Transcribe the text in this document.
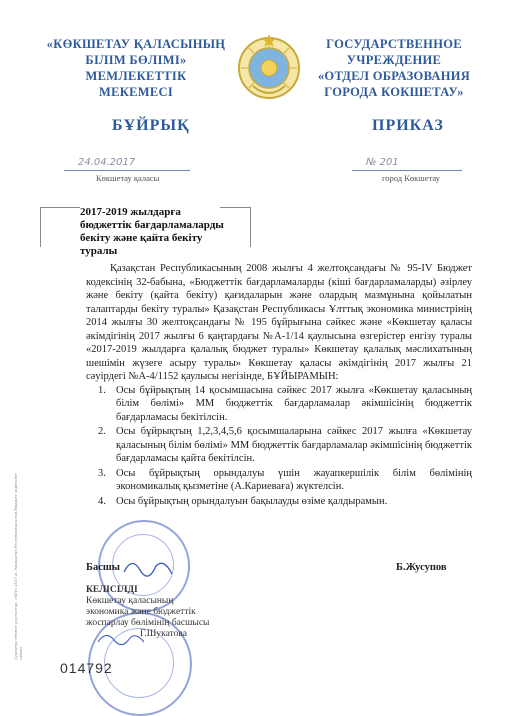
«КӨКШЕТАУ ҚАЛАСЫНЫҢ
БІЛІМ БӨЛІМІ»
МЕМЛЕКЕТТІК
МЕКЕМЕСІ
ГОСУДАРСТВЕННОЕ
УЧРЕЖДЕНИЕ
«ОТДЕЛ ОБРАЗОВАНИЯ
ГОРОДА КОКШЕТАУ»
БҰЙРЫҚ	ПРИКАЗ
24.04.2017	№ 201
Көкшетау қаласы	город Көкшетау
2017-2019 жылдарға
бюджеттік бағдарламаларды
бекіту және қайта бекіту
туралы

Қазақстан Республикасының 2008 жылғы 4 желтоқсандағы № 95-IV Бюджет кодексінің 32-бабына, «Бюджеттік бағдарламаларды (кіші бағдарламаларды) әзірлеу және бекіту (қайта бекіту) қағидаларын және олардың мазмұнына қойылатын талаптарды бекіту туралы» Қазақстан Республикасы Ұлттық экономика министрінің 2014 жылғы 30 желтоқсандағы № 195 бұйрығына сәйкес және «Көкшетау қаласы әкімдігінің 2017 жылғы 6 қаңтардағы №А-1/14 қаулысына өзгерістер енгізу туралы «2017-2019 жылдарға қалалық бюджет туралы» Көкшетау қалалық мәслихатының шешімін жүзеге асыру туралы» Көкшетау қаласы әкімдігінің 2017 жылғы 21 сәуірдегі №А-4/1152 қаулысы негізінде, БҰЙЫРАМЫН:

1. Осы бұйрықтың 14 қосымшасына сәйкес 2017 жылға «Көкшетау қаласының білім бөлімі» ММ бюджеттік бағдарламалар әкімшісінің бюджеттік бағдарламасы бекітілсін.
2. Осы бұйрықтың 1,2,3,4,5,6 қосымшаларына сәйкес 2017 жылға «Көкшетау қаласының білім бөлімі» ММ бюджеттік бағдарламалар әкімшісінің бюджеттік бағдарламасы қайта бекітілсін.
3. Осы бұйрықтың орындалуы үшін жауапкершілік білім бөлімінің экономикалық қызметіне (А.Кариеваға) жүктелсін.
4. Осы бұйрықтың орындалуын бақылауды өзіме қалдырамын.
Басшы	Б.Жусупов
КЕЛІСІЛДІ
Көкшетау қаласының
экономика және бюджеттік
жоспарлау бөлімінің басшысы
Г.Шукатова
Сұрақтар немесе ұсыныстар, «ҚЕҰ» 2017 ж. Қазақстан Республикасының бюджет кодексіне сәйкес
014792
